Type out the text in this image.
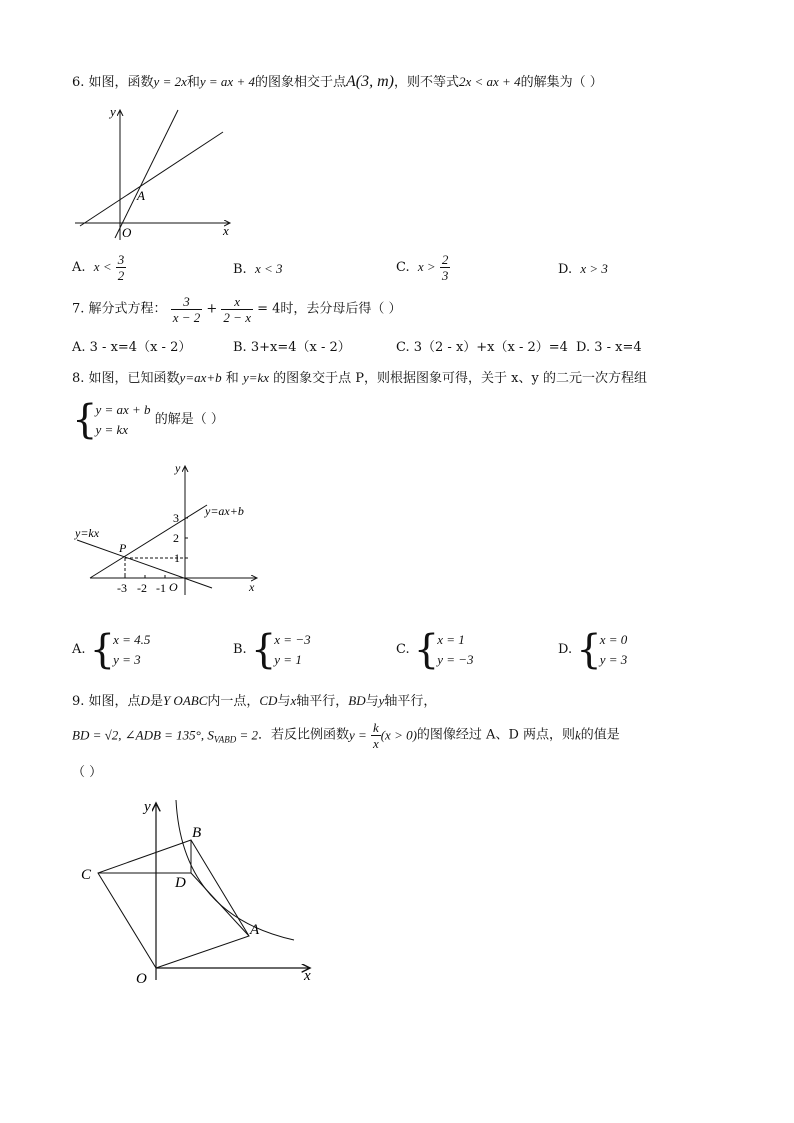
6. 如图，函数y = 2x和y = ax + 4的图象相交于点A(3, m)，则不等式2x < ax + 4的解集为（ ）
y
x
O
A
A. $x < \frac{3}{2}$	B. x < 3	C. $x > \frac{2}{3}$	D. x > 3
7. 解分式方程： $\frac{3}{x - 2} + \frac{x}{2 - x} = 4$时，去分母后得（ ）
A. 3 - x=4（x - 2）	B. 3+x=4（x - 2）	C. 3（2 - x）+x（x - 2）=4 D. 3 - x=4
8. 如图，已知函数y=ax+b 和 y=kx 的图象交于点 P，则根据图象可得，关于 x、y 的二元一次方程组
{
y = ax + b
y = kx
的解是（ ）
y
x
O
P
y=kx
y=ax+b
3
2
1
-3 -2 -1
A. {
x = 4.5
y = 3
B. {
x = −3
y = 1
C. {
x = 1
y = −3
D. {
x = 0
y = 3
9. 如图，点D是Y OABC内一点，CD与x轴平行，BD与y轴平行，
BD = √2, ∠ADB = 135°, $S_{VABD} = 2$．若反比例函数$y = \frac{k}{x} (x > 0)$的图像经过 A、D 两点，则k的值是
（ ）
y
x
O
A
B
C	D
